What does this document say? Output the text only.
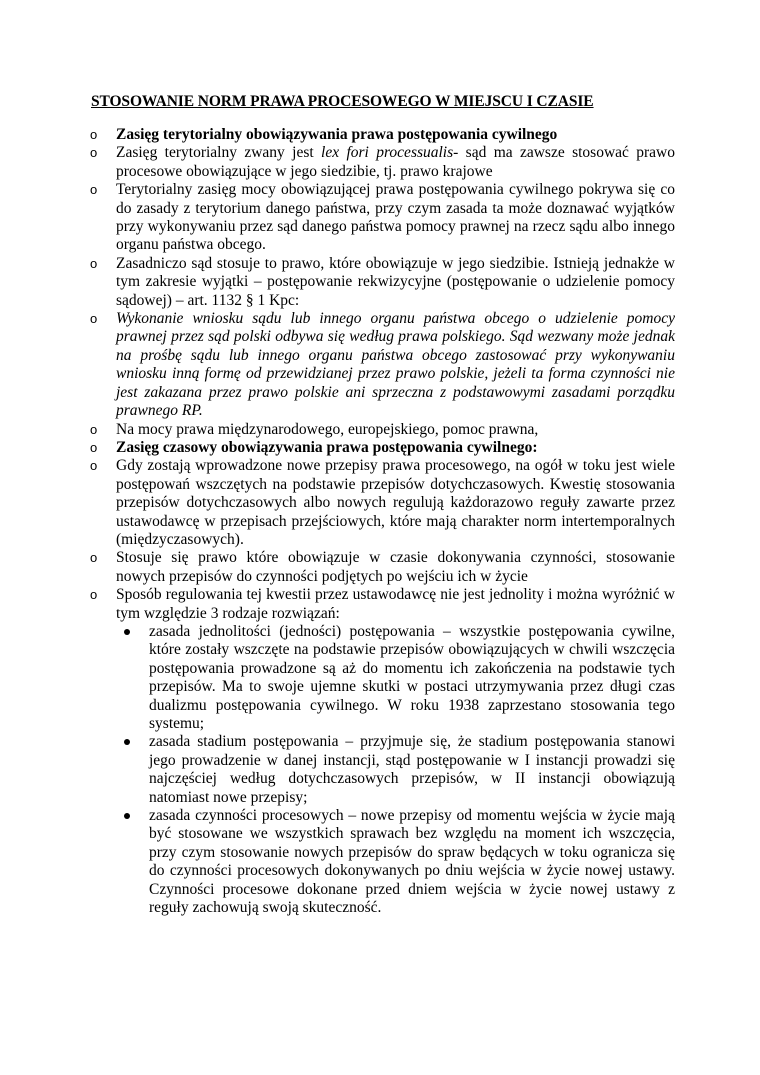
STOSOWANIE NORM PRAWA PROCESOWEGO W MIEJSCU I CZASIE
o Zasięg terytorialny obowiązywania prawa postępowania cywilnego
o Zasięg terytorialny zwany jest lex fori processualis- sąd ma zawsze stosować prawo procesowe obowiązujące w jego siedzibie, tj. prawo krajowe
o Terytorialny zasięg mocy obowiązującej prawa postępowania cywilnego pokrywa się co do zasady z terytorium danego państwa, przy czym zasada ta może doznawać wyjątków przy wykonywaniu przez sąd danego państwa pomocy prawnej na rzecz sądu albo innego organu państwa obcego.
o Zasadniczo sąd stosuje to prawo, które obowiązuje w jego siedzibie. Istnieją jednakże w tym zakresie wyjątki – postępowanie rekwizycyjne (postępowanie o udzielenie pomocy sądowej) – art. 1132 § 1 Kpc:
o Wykonanie wniosku sądu lub innego organu państwa obcego o udzielenie pomocy prawnej przez sąd polski odbywa się według prawa polskiego. Sąd wezwany może jednak na prośbę sądu lub innego organu państwa obcego zastosować przy wykonywaniu wniosku inną formę od przewidzianej przez prawo polskie, jeżeli ta forma czynności nie jest zakazana przez prawo polskie ani sprzeczna z podstawowymi zasadami porządku prawnego RP.
o Na mocy prawa międzynarodowego, europejskiego, pomoc prawna,
o Zasięg czasowy obowiązywania prawa postępowania cywilnego:
o Gdy zostają wprowadzone nowe przepisy prawa procesowego, na ogół w toku jest wiele postępowań wszczętych na podstawie przepisów dotychczasowych. Kwestię stosowania przepisów dotychczasowych albo nowych regulują każdorazowo reguły zawarte przez ustawodawcę w przepisach przejściowych, które mają charakter norm intertemporalnych (międzyczasowych).
o Stosuje się prawo które obowiązuje w czasie dokonywania czynności, stosowanie nowych przepisów do czynności podjętych po wejściu ich w życie
o Sposób regulowania tej kwestii przez ustawodawcę nie jest jednolity i można wyróżnić w tym względzie 3 rodzaje rozwiązań:
zasada jednolitości (jedności) postępowania – wszystkie postępowania cywilne, które zostały wszczęte na podstawie przepisów obowiązujących w chwili wszczęcia postępowania prowadzone są aż do momentu ich zakończenia na podstawie tych przepisów. Ma to swoje ujemne skutki w postaci utrzymywania przez długi czas dualizmu postępowania cywilnego. W roku 1938 zaprzestano stosowania tego systemu;
zasada stadium postępowania – przyjmuje się, że stadium postępowania stanowi jego prowadzenie w danej instancji, stąd postępowanie w I instancji prowadzi się najczęściej według dotychczasowych przepisów, w II instancji obowiązują natomiast nowe przepisy;
zasada czynności procesowych – nowe przepisy od momentu wejścia w życie mają być stosowane we wszystkich sprawach bez względu na moment ich wszczęcia, przy czym stosowanie nowych przepisów do spraw będących w toku ogranicza się do czynności procesowych dokonywanych po dniu wejścia w życie nowej ustawy. Czynności procesowe dokonane przed dniem wejścia w życie nowej ustawy z reguły zachowują swoją skuteczność.
